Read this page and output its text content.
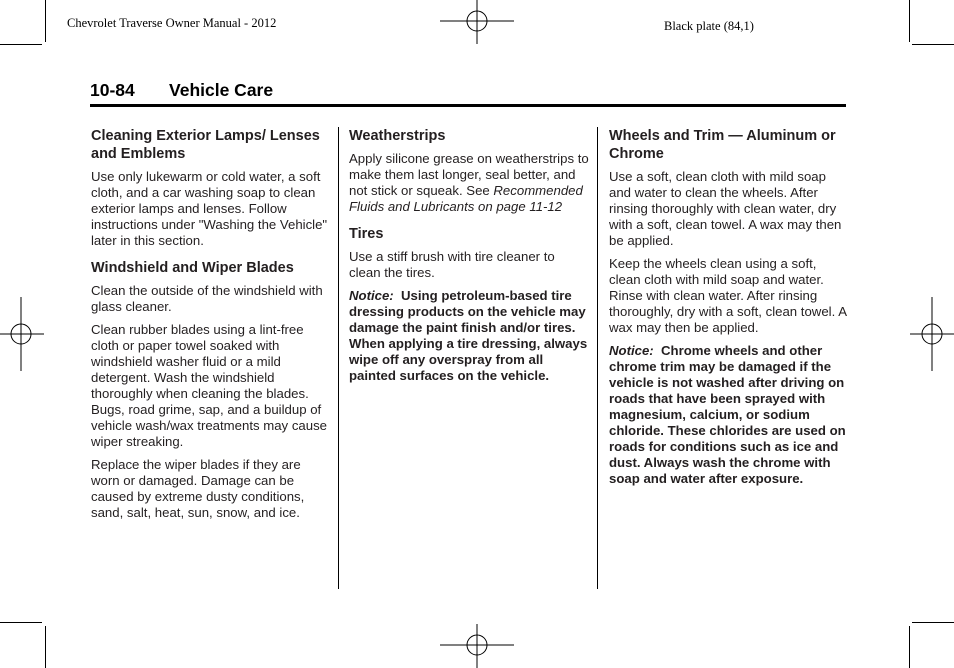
Chevrolet Traverse Owner Manual - 2012	Black plate (84,1)
10-84 Vehicle Care
Cleaning Exterior Lamps/ Lenses and Emblems

Use only lukewarm or cold water, a soft cloth, and a car washing soap to clean exterior lamps and lenses. Follow instructions under "Washing the Vehicle" later in this section.

Windshield and Wiper Blades

Clean the outside of the windshield with glass cleaner.

Clean rubber blades using a lint-free cloth or paper towel soaked with windshield washer fluid or a mild detergent. Wash the windshield thoroughly when cleaning the blades. Bugs, road grime, sap, and a buildup of vehicle wash/wax treatments may cause wiper streaking.

Replace the wiper blades if they are worn or damaged. Damage can be caused by extreme dusty conditions, sand, salt, heat, sun, snow, and ice.

Weatherstrips

Apply silicone grease on weatherstrips to make them last longer, seal better, and not stick or squeak. See Recommended Fluids and Lubricants on page 11-12

Tires

Use a stiff brush with tire cleaner to clean the tires.

Notice: Using petroleum-based tire dressing products on the vehicle may damage the paint finish and/or tires. When applying a tire dressing, always wipe off any overspray from all painted surfaces on the vehicle.

Wheels and Trim — Aluminum or Chrome

Use a soft, clean cloth with mild soap and water to clean the wheels. After rinsing thoroughly with clean water, dry with a soft, clean towel. A wax may then be applied.

Keep the wheels clean using a soft, clean cloth with mild soap and water. Rinse with clean water. After rinsing thoroughly, dry with a soft, clean towel. A wax may then be applied.

Notice: Chrome wheels and other chrome trim may be damaged if the vehicle is not washed after driving on roads that have been sprayed with magnesium, calcium, or sodium chloride. These chlorides are used on roads for conditions such as ice and dust. Always wash the chrome with soap and water after exposure.
